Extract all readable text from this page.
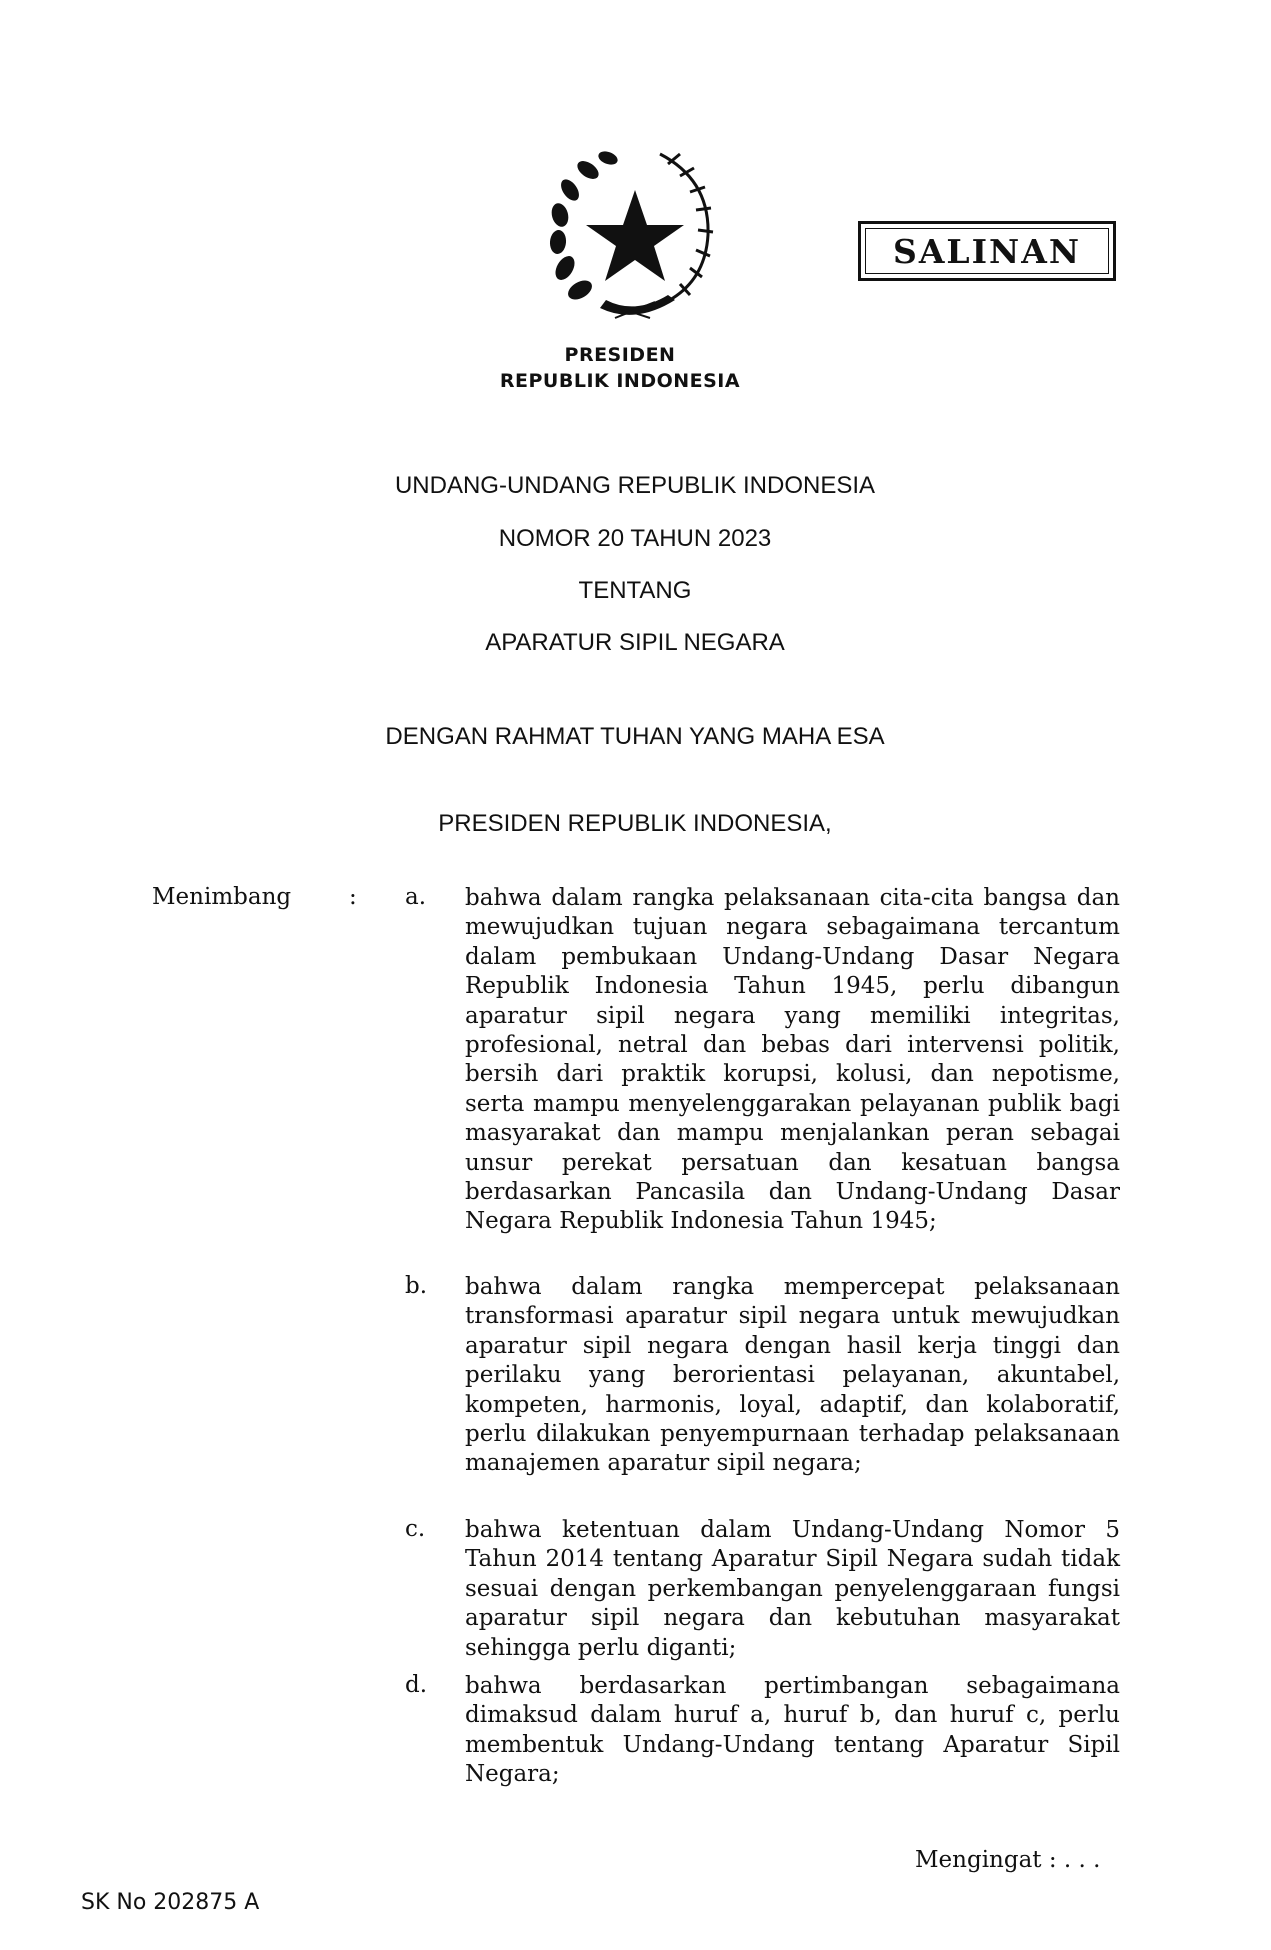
PRESIDEN
REPUBLIK INDONESIA
SALINAN
UNDANG-UNDANG REPUBLIK INDONESIA
NOMOR 20 TAHUN 2023
TENTANG
APARATUR SIPIL NEGARA
DENGAN RAHMAT TUHAN YANG MAHA ESA
PRESIDEN REPUBLIK INDONESIA,
Menimbang	: a. bahwa dalam rangka pelaksanaan cita-cita bangsa dan mewujudkan tujuan negara sebagaimana tercantum dalam pembukaan Undang-Undang Dasar Negara Republik Indonesia Tahun 1945, perlu dibangun aparatur sipil negara yang memiliki integritas, profesional, netral dan bebas dari intervensi politik, bersih dari praktik korupsi, kolusi, dan nepotisme, serta mampu menyelenggarakan pelayanan publik bagi masyarakat dan mampu menjalankan peran sebagai unsur perekat persatuan dan kesatuan bangsa berdasarkan Pancasila dan Undang-Undang Dasar Negara Republik Indonesia Tahun 1945;
b. bahwa dalam rangka mempercepat pelaksanaan transformasi aparatur sipil negara untuk mewujudkan aparatur sipil negara dengan hasil kerja tinggi dan perilaku yang berorientasi pelayanan, akuntabel, kompeten, harmonis, loyal, adaptif, dan kolaboratif, perlu dilakukan penyempurnaan terhadap pelaksanaan manajemen aparatur sipil negara;
c. bahwa ketentuan dalam Undang-Undang Nomor 5 Tahun 2014 tentang Aparatur Sipil Negara sudah tidak sesuai dengan perkembangan penyelenggaraan fungsi aparatur sipil negara dan kebutuhan masyarakat sehingga perlu diganti;
d. bahwa berdasarkan pertimbangan sebagaimana dimaksud dalam huruf a, huruf b, dan huruf c, perlu membentuk Undang-Undang tentang Aparatur Sipil Negara;
Mengingat : . . .
SK No 202875 A
